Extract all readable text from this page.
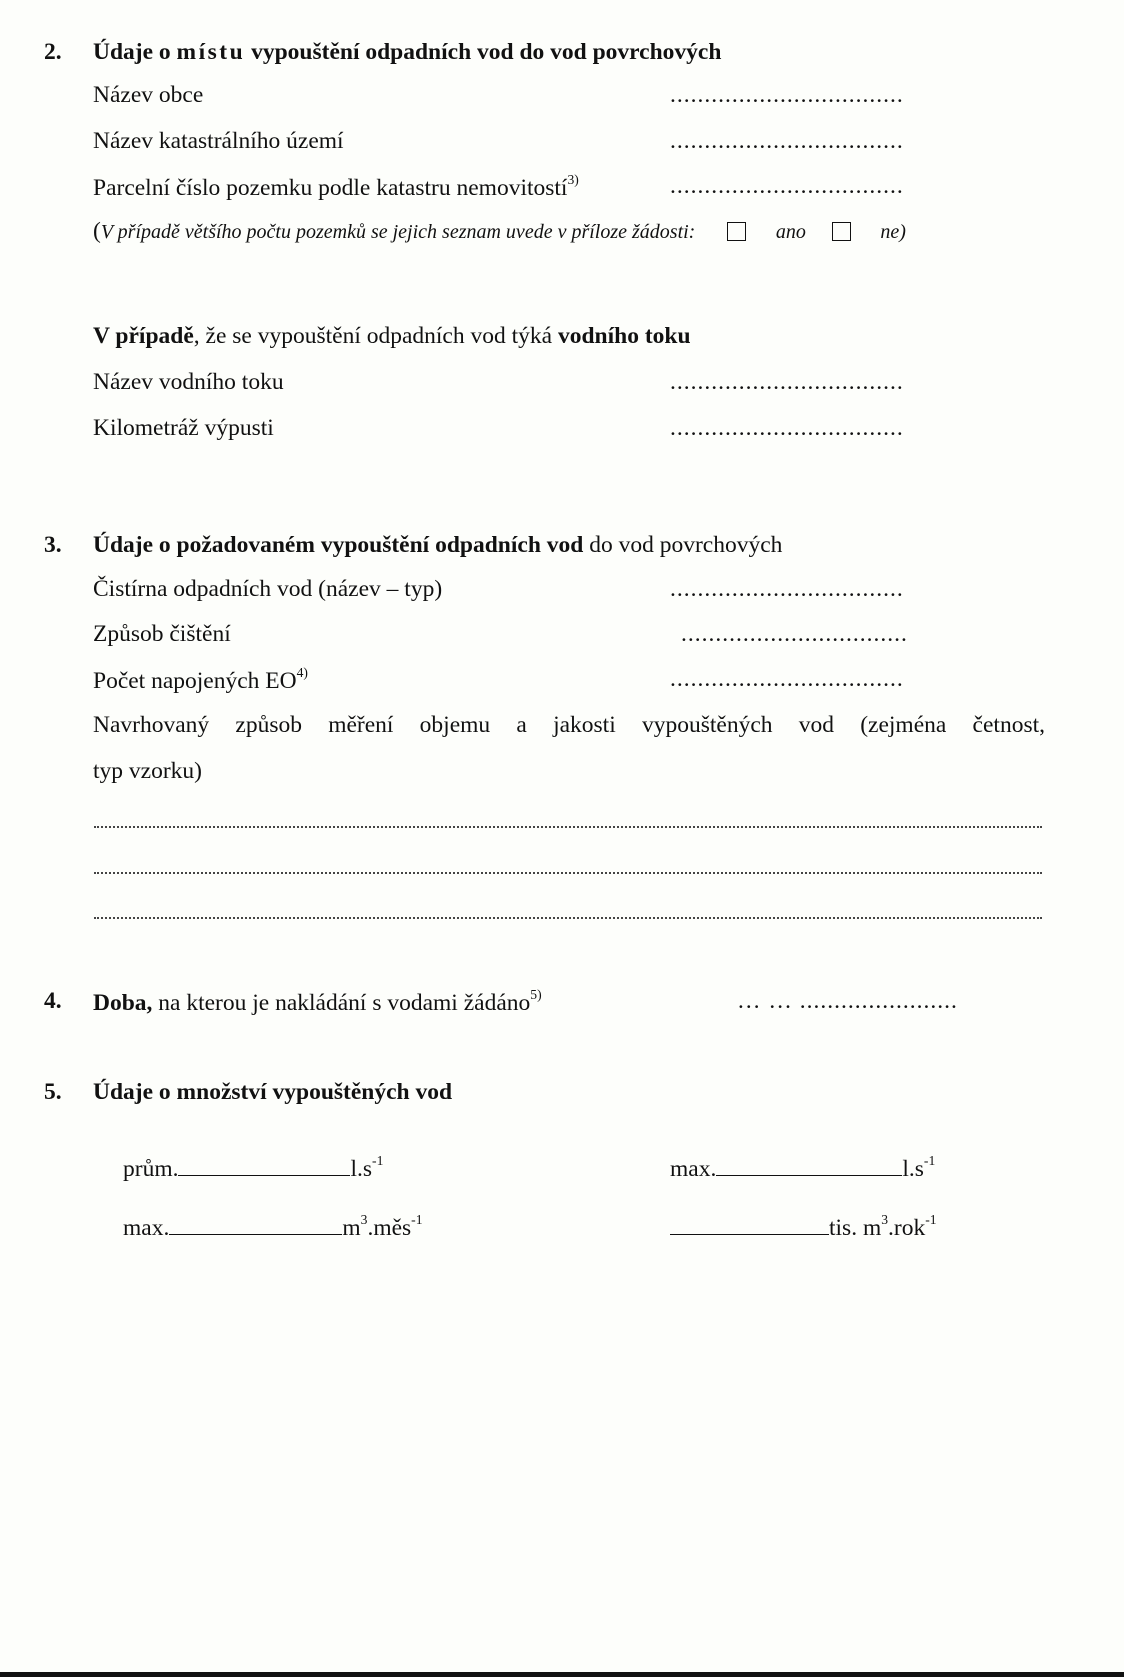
2. Údaje o místu vypouštění odpadních vod do vod povrchových
Název obce	..................................
Název katastrálního území	..................................
Parcelní číslo pozemku podle katastru nemovitostí$^{3)}$	..................................
(V případě většího počtu pozemků se jejich seznam uvede v příloze žádosti:	ano	ne)
V případě, že se vypouštění odpadních vod týká vodního toku
Název vodního toku	..................................
Kilometráž výpusti	..................................
3. Údaje o požadovaném vypouštění odpadních vod do vod povrchových
Čistírna odpadních vod (název – typ)	..................................
Způsob čištění	.................................
Počet napojených EO$^{4)}$	..................................
Navrhovaný způsob měření objemu a jakosti vypouštěných vod (zejména četnost,
typ vzorku)
4. Doba, na kterou je nakládání s vodami žádáno$^{5)}$	… … .......................
5. Údaje o množství vypouštěných vod
prům.	$l.s^{-1}$	max.	$l.s^{-1}$
max.	$m^3.měs^{-1}$	tis. $m^3.rok^{-1}$
